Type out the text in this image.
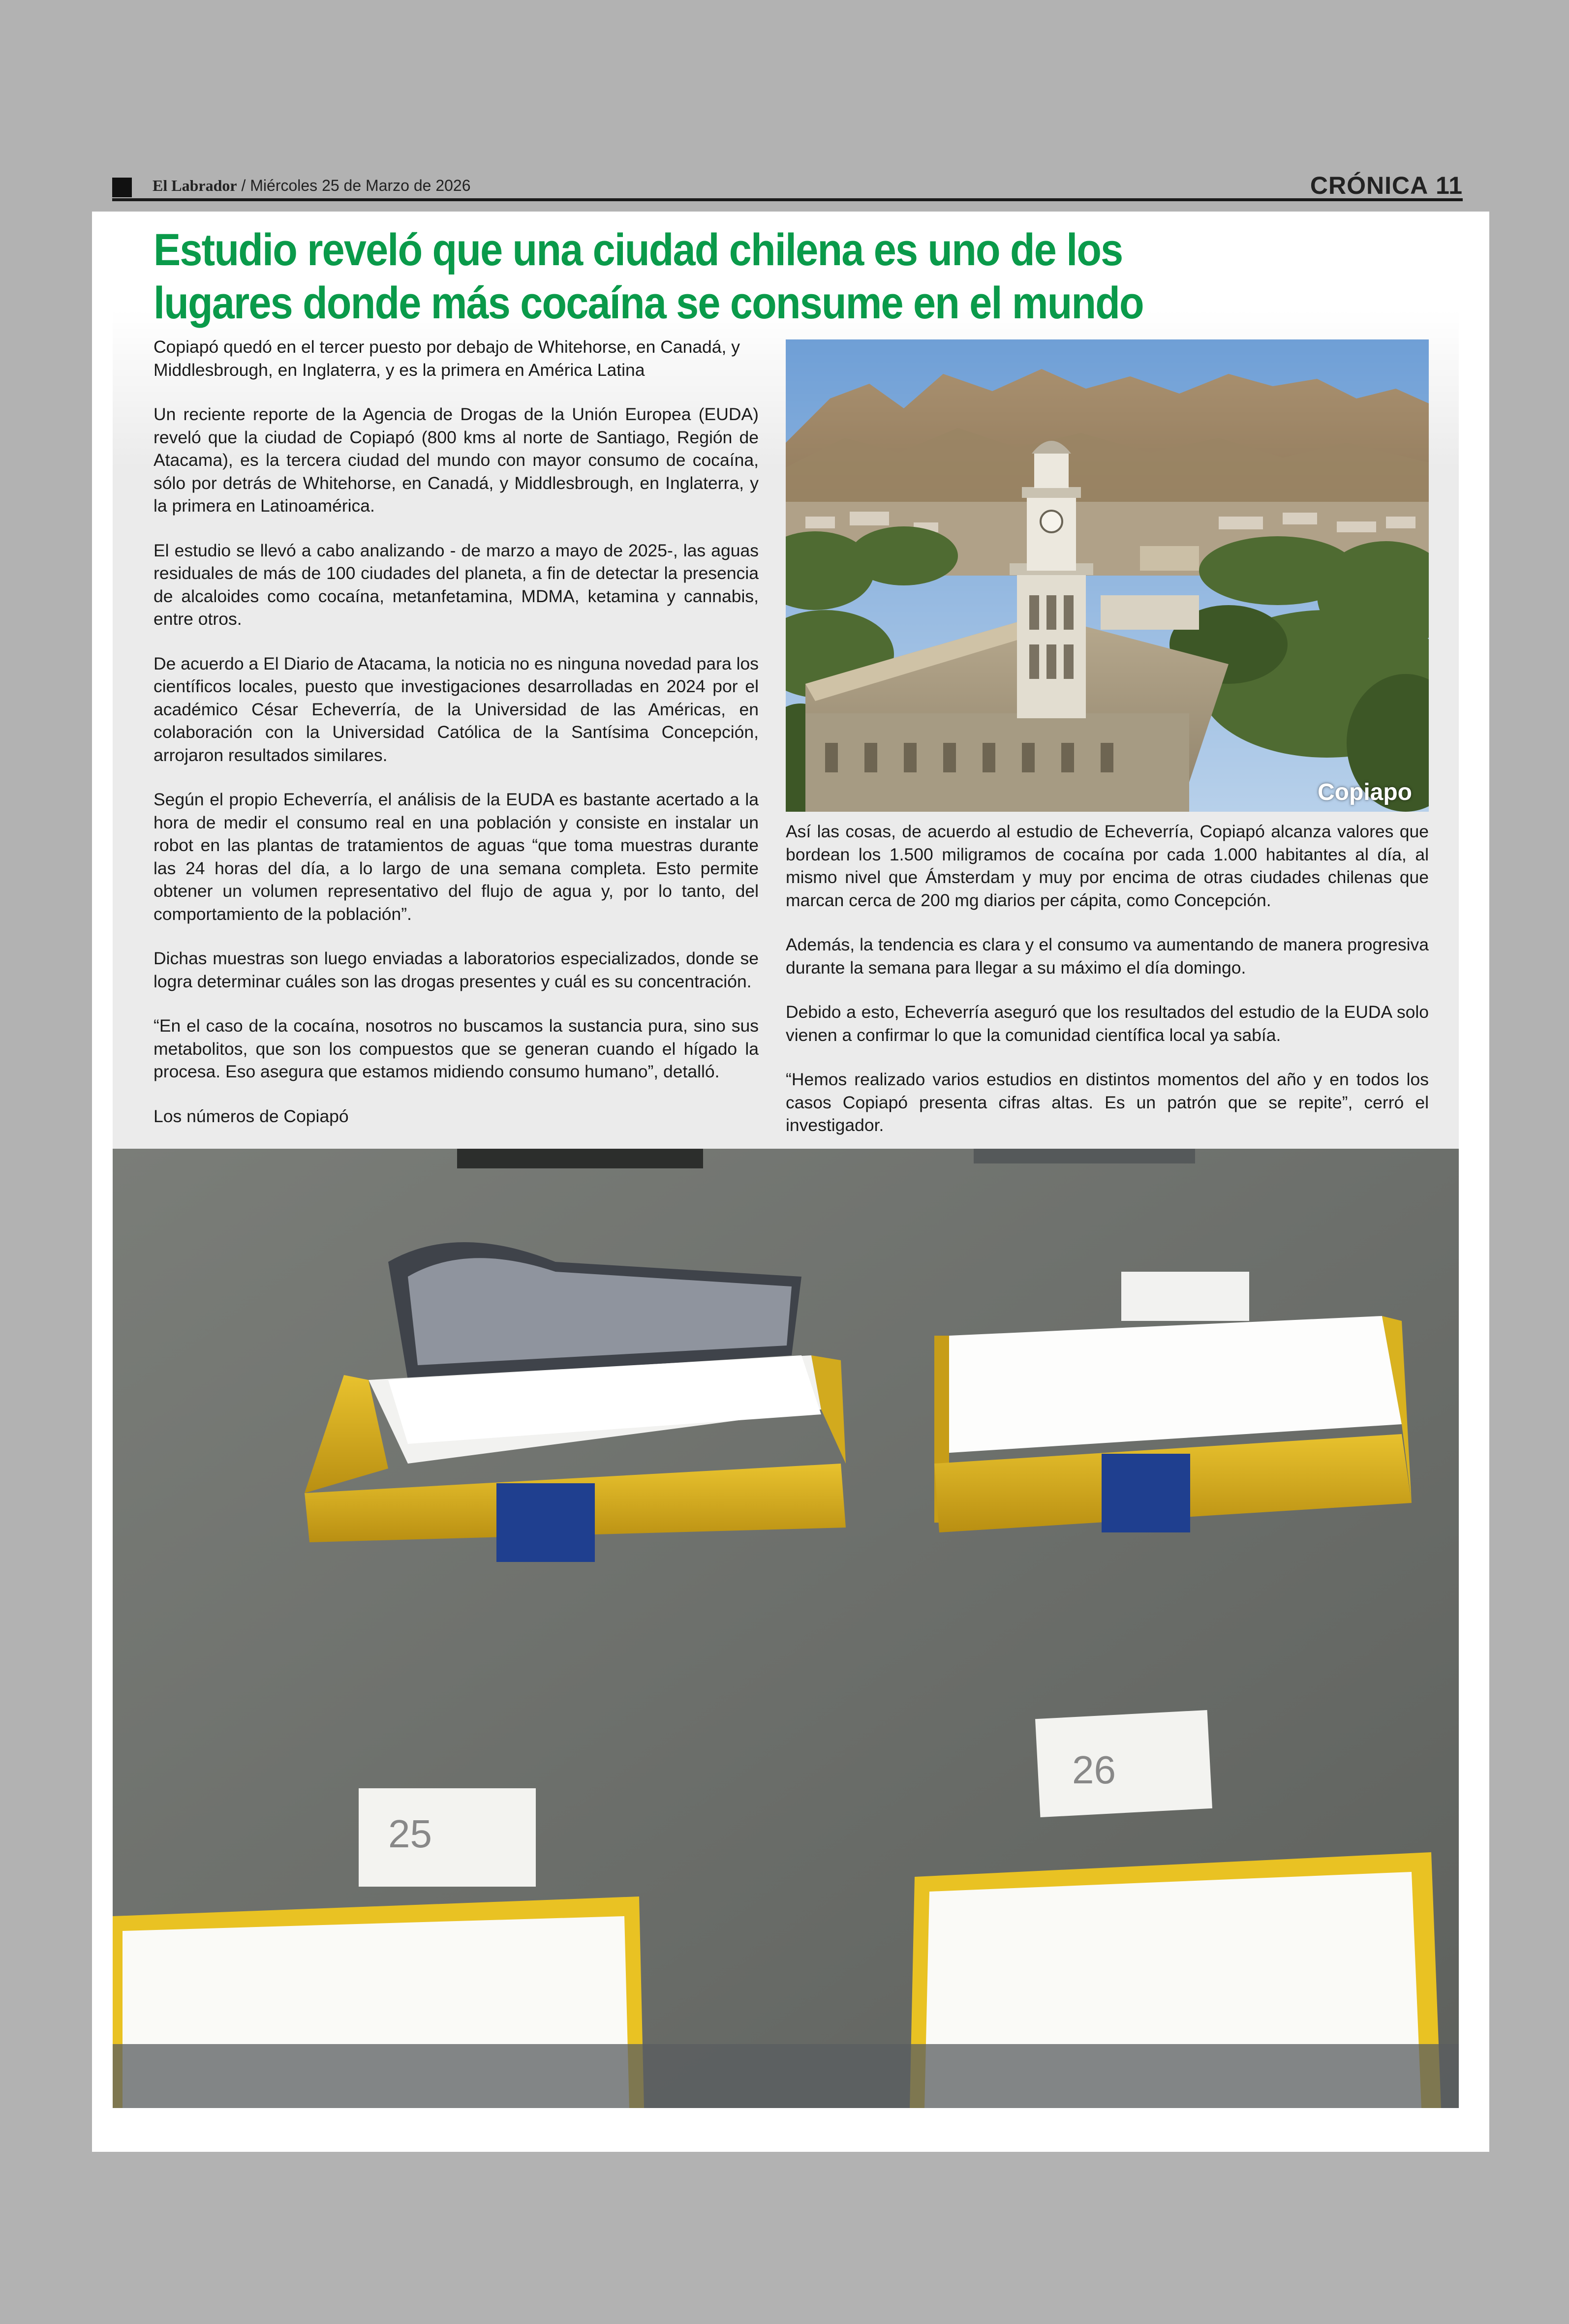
El Labrador / Miércoles 25 de Marzo de 2026	CRÓNICA 11
Estudio reveló que una ciudad chilena es uno de los lugares donde más cocaína se consume en el mundo

Copiapó quedó en el tercer puesto por debajo de Whitehorse, en Canadá, y Middlesbrough, en Inglaterra, y es la primera en América Latina

Un reciente reporte de la Agencia de Drogas de la Unión Europea (EUDA) reveló que la ciudad de Copiapó (800 kms al norte de Santiago, Región de Atacama), es la tercera ciudad del mundo con mayor consumo de cocaína, sólo por detrás de Whitehorse, en Canadá, y Middlesbrough, en Inglaterra, y la primera en Latinoamérica.

El estudio se llevó a cabo analizando - de marzo a mayo de 2025-, las aguas residuales de más de 100 ciudades del planeta, a fin de detectar la presencia de alcaloides como cocaína, metanfetamina, MDMA, ketamina y cannabis, entre otros.

De acuerdo a El Diario de Atacama, la noticia no es ninguna novedad para los científicos locales, puesto que investigaciones desarrolladas en 2024 por el académico César Echeverría, de la Universidad de las Américas, en colaboración con la Universidad Católica de la Santísima Concepción, arrojaron resultados similares.

Según el propio Echeverría, el análisis de la EUDA es bastante acertado a la hora de medir el consumo real en una población y consiste en instalar un robot en las plantas de tratamientos de aguas “que toma muestras durante las 24 horas del día, a lo largo de una semana completa. Esto permite obtener un volumen representativo del flujo de agua y, por lo tanto, del comportamiento de la población”.

Dichas muestras son luego enviadas a laboratorios especializados, donde se logra determinar cuáles son las drogas presentes y cuál es su concentración.

“En el caso de la cocaína, nosotros no buscamos la sustancia pura, sino sus metabolitos, que son los compuestos que se generan cuando el hígado la procesa. Eso asegura que estamos midiendo consumo humano”, detalló.

Los números de Copiapó

Copiapo

Así las cosas, de acuerdo al estudio de Echeverría, Copiapó alcanza valores que bordean los 1.500 miligramos de cocaína por cada 1.000 habitantes al día, al mismo nivel que Ámsterdam y muy por encima de otras ciudades chilenas que marcan cerca de 200 mg diarios per cápita, como Concepción.

Además, la tendencia es clara y el consumo va aumentando de manera progresiva durante la semana para llegar a su máximo el día domingo.

Debido a esto, Echeverría aseguró que los resultados del estudio de la EUDA solo vienen a confirmar lo que la comunidad científica local ya sabía.

“Hemos realizado varios estudios en distintos momentos del año y en todos los casos Copiapó presenta cifras altas. Es un patrón que se repite”, cerró el investigador.

25
26
